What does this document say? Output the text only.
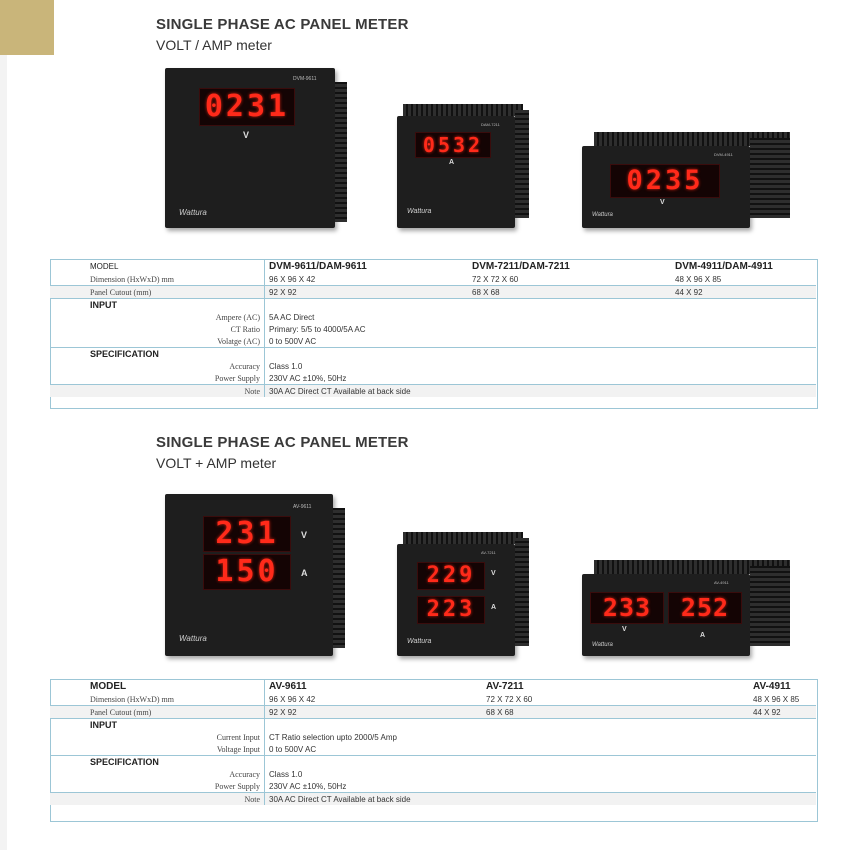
SINGLE PHASE AC PANEL METER
VOLT / AMP meter
DVM-9611
0231
V
Wattura
DAM-7211
0532
A
Wattura
DVM-4911
0235
V
Wattura
MODEL	DVM-9611/DAM-9611	DVM-7211/DAM-7211	DVM-4911/DAM-4911
Dimension (HxWxD) mm	96 X 96 X 42	72 X 72 X 60	48 X 96 X 85
Panel Cutout (mm)	92 X 92	68 X 68	44 X 92
INPUT			
Ampere (AC)	5A AC Direct		
CT Ratio	Primary: 5/5 to 4000/5A AC		
Volatge (AC)	0 to 500V AC		
SPECIFICATION			
Accuracy	Class 1.0		
Power Supply	230V AC ±10%, 50Hz		
Note	30A AC Direct CT Available at back side		
SINGLE PHASE AC PANEL METER
VOLT + AMP meter
AV-9611
231	V
150	A
Wattura
AV-7211
229	V
223	A
Wattura
AV-4911
233
V
252
A
Wattura
MODEL	AV-9611	AV-7211	AV-4911
Dimension (HxWxD) mm	96 X 96 X 42	72 X 72 X 60	48 X 96 X 85
Panel Cutout (mm)	92 X 92	68 X 68	44 X 92
INPUT			
Current Input	CT Ratio selection upto 2000/5 Amp		
Voltage Input	0 to 500V AC		
SPECIFICATION			
Accuracy	Class 1.0		
Power Supply	230V AC ±10%, 50Hz		
Note	30A AC Direct CT Available at back side		
